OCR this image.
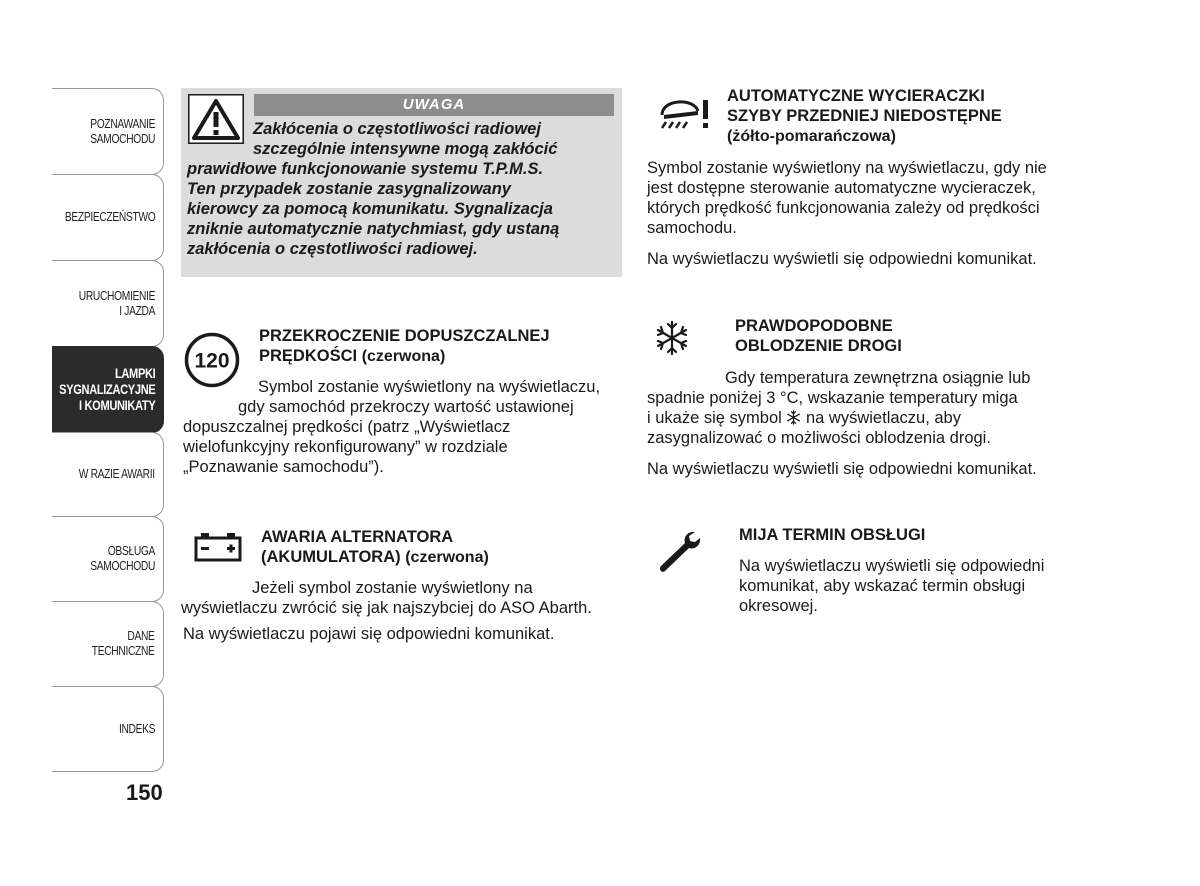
POZNAWANIE
SAMOCHODU
BEZPIECZEŃSTWO
URUCHOMIENIE
I JAZDA
LAMPKI
SYGNALIZACYJNE
I KOMUNIKATY
W RAZIE AWARII
OBSŁUGA
SAMOCHODU
DANE
TECHNICZNE
INDEKS
150
UWAGA
Zakłócenia o częstotliwości radiowej
szczególnie intensywne mogą zakłócić
prawidłowe funkcjonowanie systemu T.P.M.S.
Ten przypadek zostanie zasygnalizowany
kierowcy za pomocą komunikatu. Sygnalizacja
zniknie automatycznie natychmiast, gdy ustaną
zakłócenia o częstotliwości radiowej.
120
PRZEKROCZENIE DOPUSZCZALNEJ
PRĘDKOŚCI (czerwona)
Symbol zostanie wyświetlony na wyświetlaczu,
gdy samochód przekroczy wartość ustawionej
dopuszczalnej prędkości (patrz „Wyświetlacz
wielofunkcyjny rekonfigurowany” w rozdziale
„Poznawanie samochodu”).
AWARIA ALTERNATORA
(AKUMULATORA) (czerwona)
Jeżeli symbol zostanie wyświetlony na
wyświetlaczu zwrócić się jak najszybciej do ASO Abarth.
Na wyświetlaczu pojawi się odpowiedni komunikat.
AUTOMATYCZNE WYCIERACZKI
SZYBY PRZEDNIEJ NIEDOSTĘPNE
(żółto-pomarańczowa)
Symbol zostanie wyświetlony na wyświetlaczu, gdy nie
jest dostępne sterowanie automatyczne wycieraczek,
których prędkość funkcjonowania zależy od prędkości
samochodu.
Na wyświetlaczu wyświetli się odpowiedni komunikat.
PRAWDOPODOBNE
OBLODZENIE DROGI
Gdy temperatura zewnętrzna osiągnie lub
spadnie poniżej 3 °C, wskazanie temperatury miga
i ukaże się symbol na wyświetlaczu, aby
zasygnalizować o możliwości oblodzenia drogi.
Na wyświetlaczu wyświetli się odpowiedni komunikat.
MIJA TERMIN OBSŁUGI
Na wyświetlaczu wyświetli się odpowiedni
komunikat, aby wskazać termin obsługi
okresowej.
